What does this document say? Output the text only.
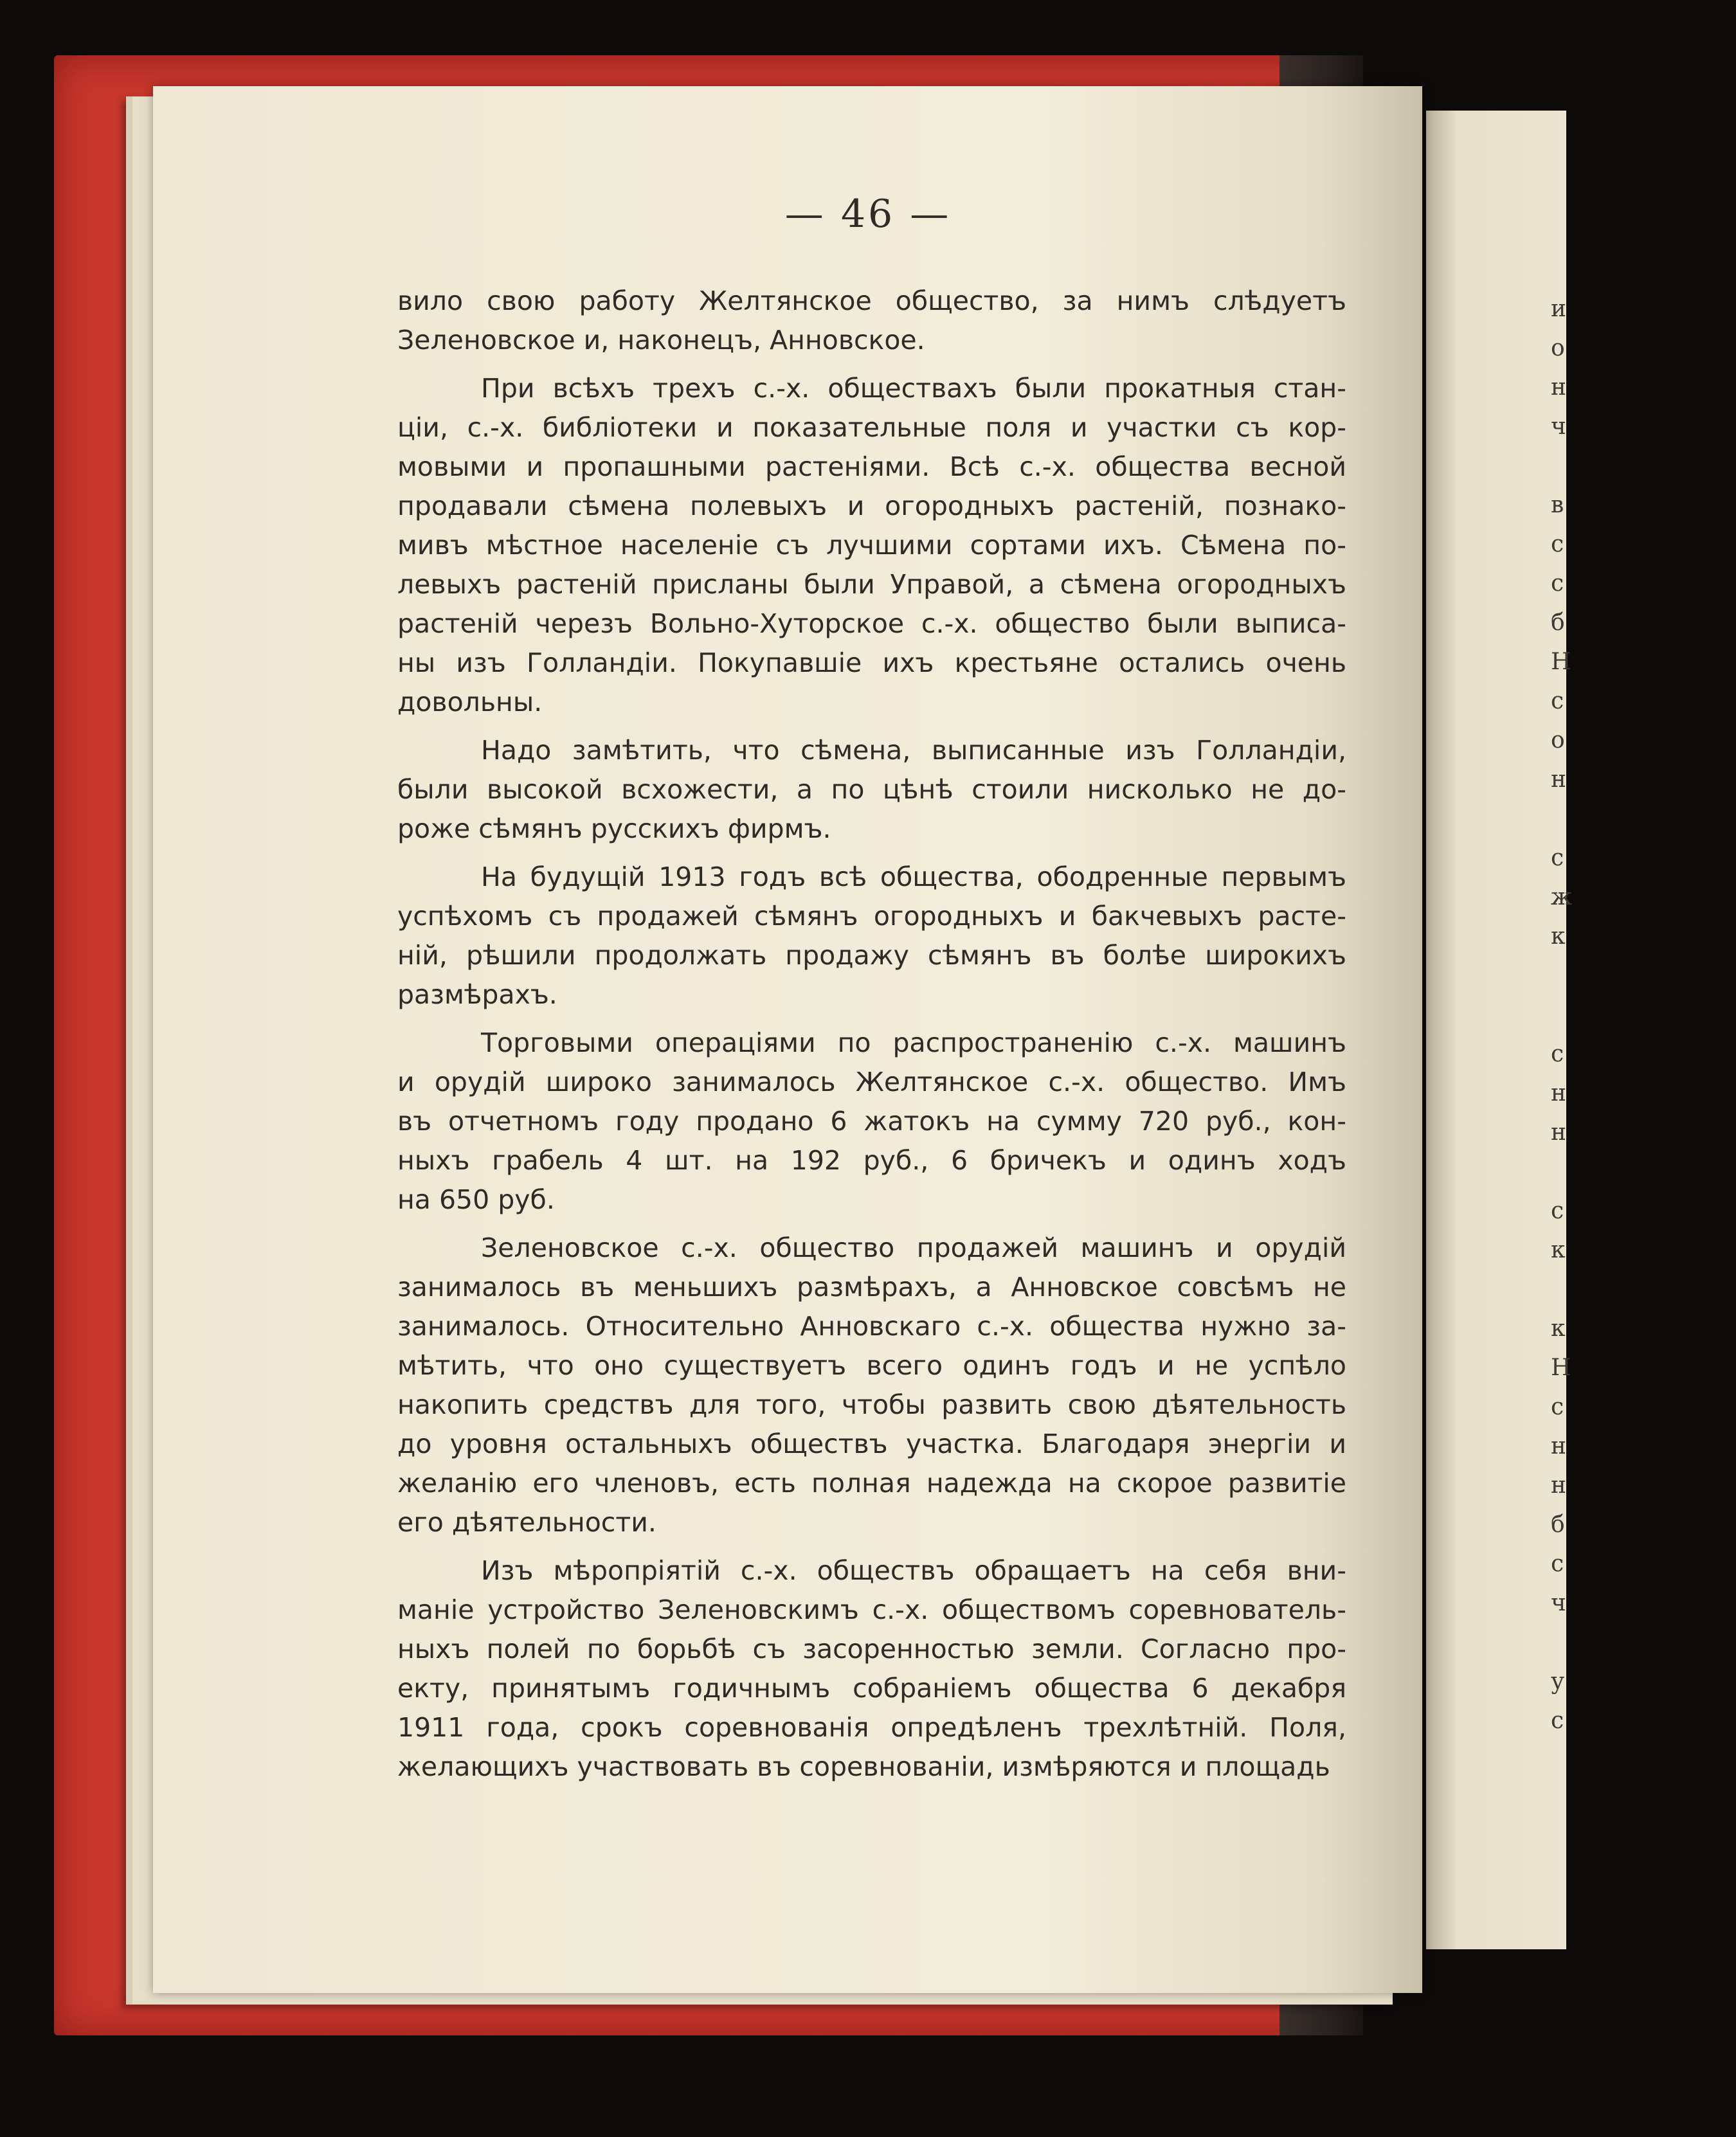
и
о
н
ч

в
с
с
б
Н
с
о
н

с
ж
к

с
н
н

с
к

к
Н
с
н
н
б
с
ч

у
с
— 46 —
вило свою работу Желтянское общество, за нимъ слѣдуетъ
Зеленовское и, наконецъ, Анновское.
При всѣхъ трехъ с.-х. обществахъ были прокатныя стан-
ціи, с.-х. библіотеки и показательные поля и участки съ кор-
мовыми и пропашными растеніями. Всѣ с.-х. общества весной
продавали сѣмена полевыхъ и огородныхъ растеній, познако-
мивъ мѣстное населеніе съ лучшими сортами ихъ. Сѣмена по-
левыхъ растеній присланы были Управой, а сѣмена огородныхъ
растеній черезъ Вольно-Хуторское с.-х. общество были выписа-
ны изъ Голландіи. Покупавшіе ихъ крестьяне остались очень
довольны.
Надо замѣтить, что сѣмена, выписанные изъ Голландіи,
были высокой всхожести, а по цѣнѣ стоили нисколько не до-
роже сѣмянъ русскихъ фирмъ.
На будущій 1913 годъ всѣ общества, ободренные первымъ
успѣхомъ съ продажей сѣмянъ огородныхъ и бакчевыхъ расте-
ній, рѣшили продолжать продажу сѣмянъ въ болѣе широкихъ
размѣрахъ.
Торговыми операціями по распространенію с.-х. машинъ
и орудій широко занималось Желтянское с.-х. общество. Имъ
въ отчетномъ году продано 6 жатокъ на сумму 720 руб., кон-
ныхъ грабель 4 шт. на 192 руб., 6 бричекъ и одинъ ходъ
на 650 руб.
Зеленовское с.-х. общество продажей машинъ и орудій
занималось въ меньшихъ размѣрахъ, а Анновское совсѣмъ не
занималось. Относительно Анновскаго с.-х. общества нужно за-
мѣтить, что оно существуетъ всего одинъ годъ и не успѣло
накопить средствъ для того, чтобы развить свою дѣятельность
до уровня остальныхъ обществъ участка. Благодаря энергіи и
желанію его членовъ, есть полная надежда на скорое развитіе
его дѣятельности.
Изъ мѣропріятій с.-х. обществъ обращаетъ на себя вни-
маніе устройство Зеленовскимъ с.-х. обществомъ соревнователь-
ныхъ полей по борьбѣ съ засоренностью земли. Согласно про-
екту, принятымъ годичнымъ собраніемъ общества 6 декабря
1911 года, срокъ соревнованія опредѣленъ трехлѣтній. Поля,
желающихъ участвовать въ соревнованіи, измѣряются и площадь
